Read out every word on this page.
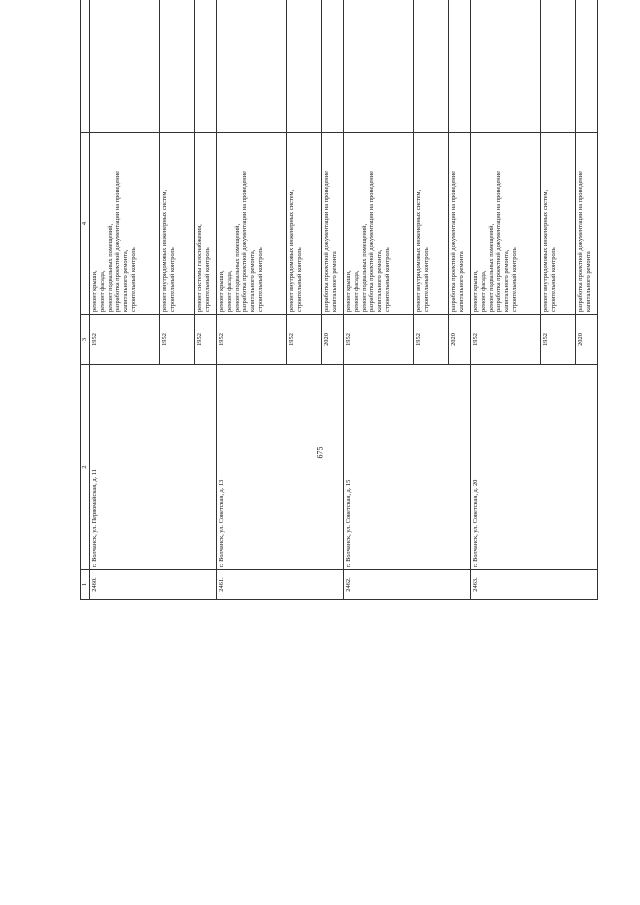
675
1	2	3	4	
2460.	г. Волчанск, ул. Первомайская, д. 11	1952	ремонт крыши,
ремонт фасада,
ремонт подвальных помещений,
разработка проектной документации на проведение капитального ремонта,
строительный контроль	
		1952	ремонт внутридомовых инженерных систем,
строительный контроль	
		1952	ремонт системы газоснабжения,
строительный контроль	
2461.	г. Волчанск, ул. Советская, д. 13	1952	ремонт крыши,
ремонт фасада,
ремонт подвальных помещений,
разработка проектной документации на проведение капитального ремонта,
строительный контроль	
		1952	ремонт внутридомовых инженерных систем,
строительный контроль	
		2020	разработка проектной документации на проведение капитального ремонта	
2462.	г. Волчанск, ул. Советская, д. 15	1952	ремонт крыши,
ремонт фасада,
ремонт подвальных помещений,
разработка проектной документации на проведение капитального ремонта,
строительный контроль	
		1952	ремонт внутридомовых инженерных систем,
строительный контроль	
		2020	разработка проектной документации на проведение капитального ремонта	
2463.	г. Волчанск, ул. Советская, д. 20	1952	ремонт крыши,
ремонт фасада,
ремонт подвальных помещений,
разработка проектной документации на проведение капитального ремонта,
строительный контроль	
		1952	ремонт внутридомовых инженерных систем,
строительный контроль	
		2020	разработка проектной документации на проведение капитального ремонта	
